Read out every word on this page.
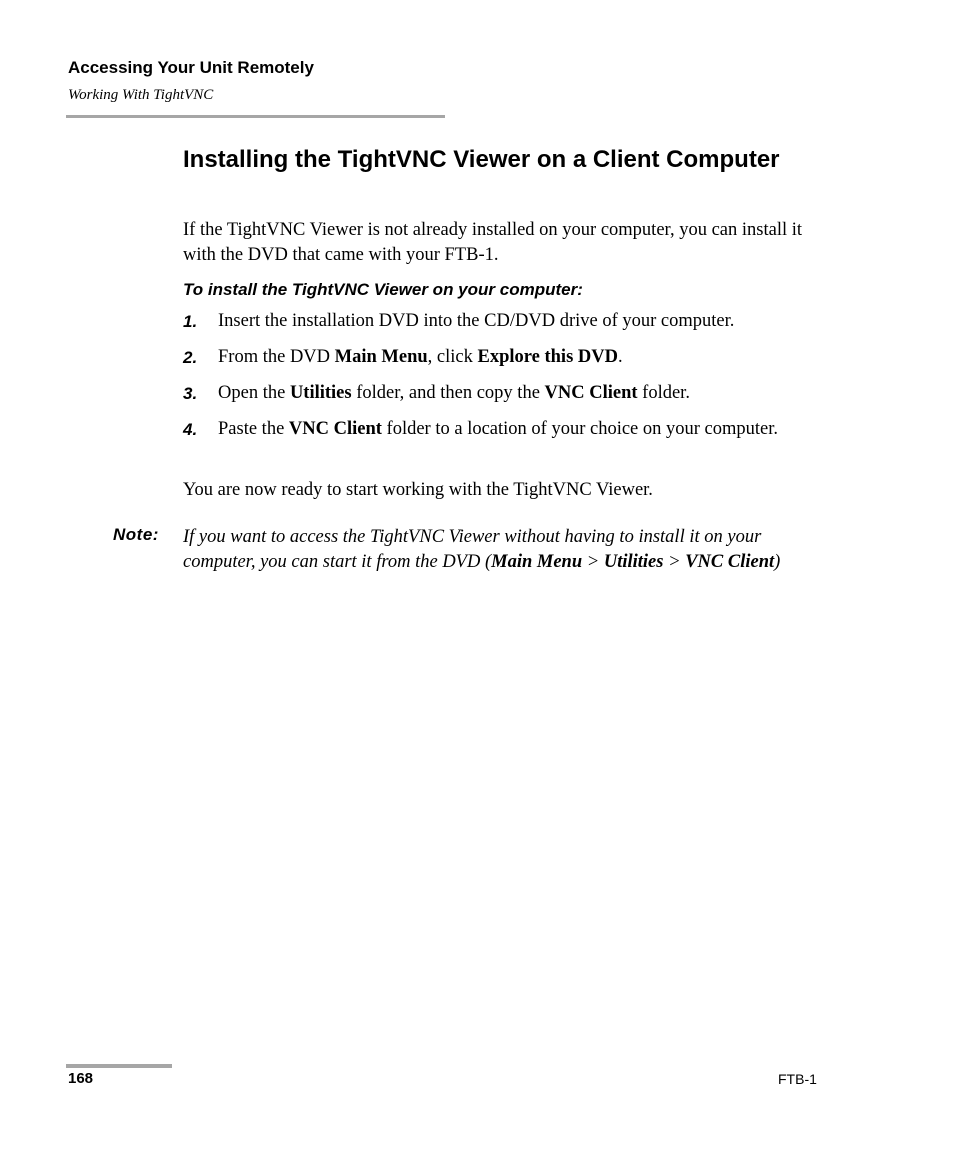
Accessing Your Unit Remotely
Working With TightVNC
Installing the TightVNC Viewer on a Client Computer
If the TightVNC Viewer is not already installed on your computer, you can install it with the DVD that came with your FTB-1.
To install the TightVNC Viewer on your computer:
1.	Insert the installation DVD into the CD/DVD drive of your computer.
2.	From the DVD Main Menu, click Explore this DVD.
3.	Open the Utilities folder, and then copy the VNC Client folder.
4.	Paste the VNC Client folder to a location of your choice on your computer.
You are now ready to start working with the TightVNC Viewer.
Note: If you want to access the TightVNC Viewer without having to install it on your computer, you can start it from the DVD (Main Menu > Utilities > VNC Client)
168	FTB-1
